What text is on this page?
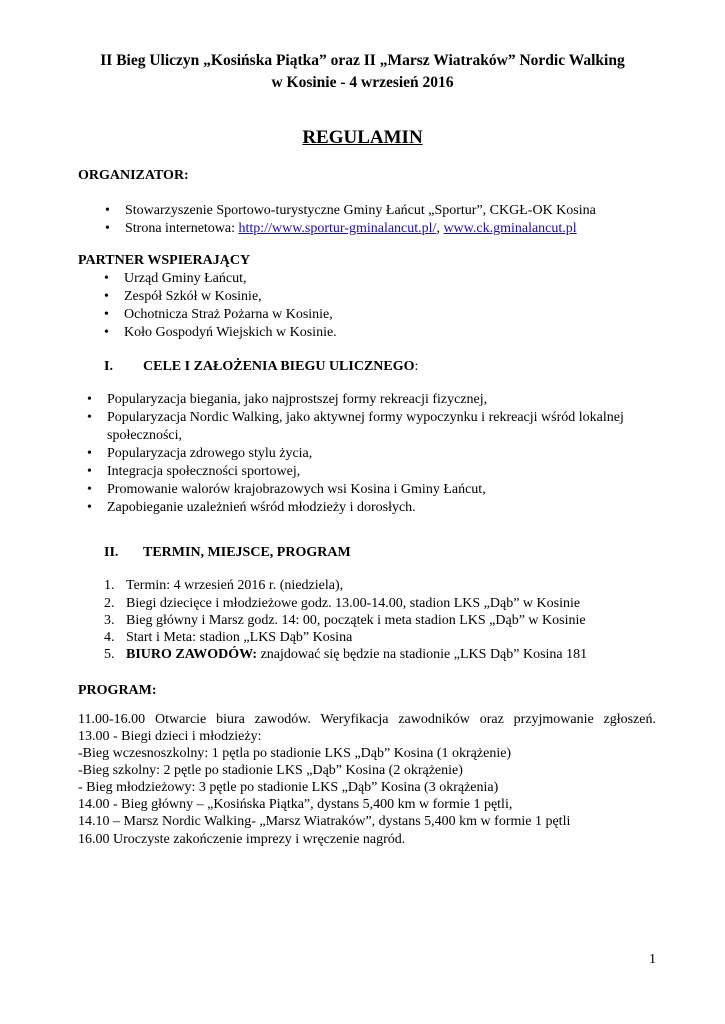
II Bieg Uliczyn „Kosińska Piątka” oraz II „Marsz Wiatraków” Nordic Walking
w Kosinie - 4 wrzesień 2016
REGULAMIN
ORGANIZATOR:
• Stowarzyszenie Sportowo-turystyczne Gminy Łańcut „Sportur”, CKGŁ-OK Kosina
• Strona internetowa: http://www.sportur-gminalancut.pl/, www.ck.gminalancut.pl
PARTNER WSPIERAJĄCY
• Urząd Gminy Łańcut,
• Zespół Szkół w Kosinie,
• Ochotnicza Straż Pożarna w Kosinie,
• Koło Gospodyń Wiejskich w Kosinie.
I. CELE I ZAŁOŻENIA BIEGU ULICZNEGO:
• Popularyzacja biegania, jako najprostszej formy rekreacji fizycznej,
• Popularyzacja Nordic Walking, jako aktywnej formy wypoczynku i rekreacji wśród lokalnej
społeczności,
• Popularyzacja zdrowego stylu życia,
• Integracja społeczności sportowej,
• Promowanie walorów krajobrazowych wsi Kosina i Gminy Łańcut,
• Zapobieganie uzależnień wśród młodzieży i dorosłych.
II. TERMIN, MIEJSCE, PROGRAM
1. Termin: 4 wrzesień 2016 r. (niedziela),
2. Biegi dziecięce i młodzieżowe godz. 13.00-14.00, stadion LKS „Dąb” w Kosinie
3. Bieg główny i Marsz godz. 14: 00, początek i meta stadion LKS „Dąb” w Kosinie
4. Start i Meta: stadion „LKS Dąb” Kosina
5. BIURO ZAWODÓW: znajdować się będzie na stadionie „LKS Dąb” Kosina 181
PROGRAM:
11.00-16.00 Otwarcie biura zawodów. Weryfikacja zawodników oraz przyjmowanie zgłoszeń.
13.00 - Biegi dzieci i młodzieży:
-Bieg wczesnoszkolny: 1 pętla po stadionie LKS „Dąb” Kosina (1 okrążenie)
-Bieg szkolny: 2 pętle po stadionie LKS „Dąb” Kosina (2 okrążenie)
- Bieg młodzieżowy: 3 pętle po stadionie LKS „Dąb” Kosina (3 okrążenia)
14.00 - Bieg główny – „Kosińska Piątka”, dystans 5,400 km w formie 1 pętli,
14.10 – Marsz Nordic Walking- „Marsz Wiatraków”, dystans 5,400 km w formie 1 pętli
16.00 Uroczyste zakończenie imprezy i wręczenie nagród.
1
